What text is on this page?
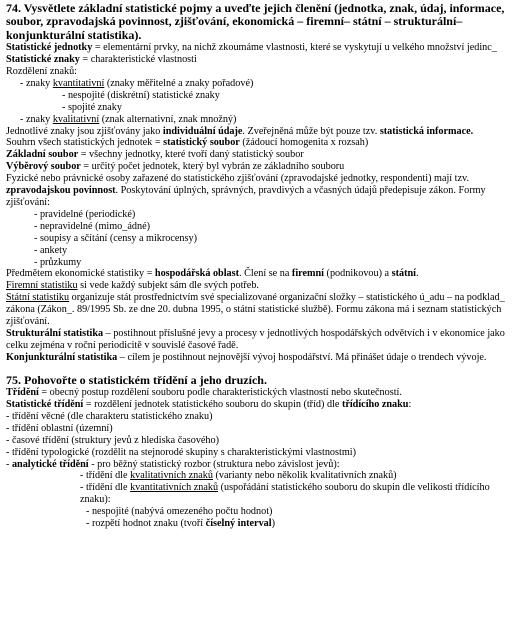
74. Vysvětlete základní statistické pojmy a uveďte jejich členění (jednotka, znak, údaj, informace, soubor, zpravodajská povinnost, zjišťování, ekonomická – firemní– státní – strukturální– konjunkturální statistika).
Statistické jednotky = elementární prvky, na nichž zkoumáme vlastnosti, které se vyskytují u velkého množství jedinc_
Statistické znaky = charakteristické vlastnosti
Rozdělení znaků:
- znaky kvantitativní (znaky měřitelné a znaky pořadové)
- nespojité (diskrétní) statistické znaky
- spojité znaky
- znaky kvalitativní (znak alternativní, znak množný)
Jednotlivé znaky jsou zjišťovány jako individuální údaje. Zveřejněná může být pouze tzv. statistická informace.
Souhrn všech statistických jednotek = statistický soubor (žádoucí homogenita x rozsah)
Základní soubor = všechny jednotky, které tvoří daný statistický soubor
Výběrový soubor = určitý počet jednotek, který byl vybrán ze základního souboru
Fyzické nebo právnické osoby zařazené do statistického zjišťování (zpravodajské jednotky, respondenti) mají tzv. zpravodajskou povinnost. Poskytování úplných, správných, pravdivých a včasných údajů předepisuje zákon. Formy zjišťování:
- pravidelné (periodické)
- nepravidelné (mimo_ádné)
- soupisy a sčítání (censy a mikrocensy)
- ankety
- průzkumy
Předmětem ekonomické statistiky = hospodářská oblast. Člení se na firemní (podnikovou) a státní.
Firemní statistiku si vede každý subjekt sám dle svých potřeb.
Státní statistiku organizuje stát prostřednictvím své specializované organizační složky – statistického ú_adu – na podklad_ zákona (Zákon_. 89/1995 Sb. ze dne 20. dubna 1995, o státní statistické službě). Formu zákona má i seznam statistických zjišťování.
Strukturální statistika – postihnout příslušné jevy a procesy v jednotlivých hospodářských odvětvích i v ekonomice jako celku zejména v roční periodicitě v souvislé časové řadě.
Konjunkturální statistika – cílem je postihnout nejnovější vývoj hospodářství. Má přinášet údaje o trendech vývoje.
75. Pohovořte o statistickém třídění a jeho druzích.
Třídění = obecný postup rozdělení souboru podle charakteristických vlastností nebo skutečností.
Statistické třídění = rozdělení jednotek statistického souboru do skupin (tříd) dle třídícího znaku:
- třídění věcné (dle charakteru statistického znaku)
- třídění oblastní (územní)
- časové třídění (struktury jevů z hlediska časového)
- třídění typologické (rozdělit na stejnorodé skupiny s charakteristickými vlastnostmi)
- analytické třídění - pro běžný statistický rozbor (struktura nebo závislost jevů):
- třídění dle kvalitativních znaků (varianty nebo několik kvalitativních znaků)
- třídění dle kvantitativních znaků (uspořádání statistického souboru do skupin dle velikosti třídícího znaku):
- nespojité (nabývá omezeného počtu hodnot)
- rozpětí hodnot znaku (tvoří číselný interval)
